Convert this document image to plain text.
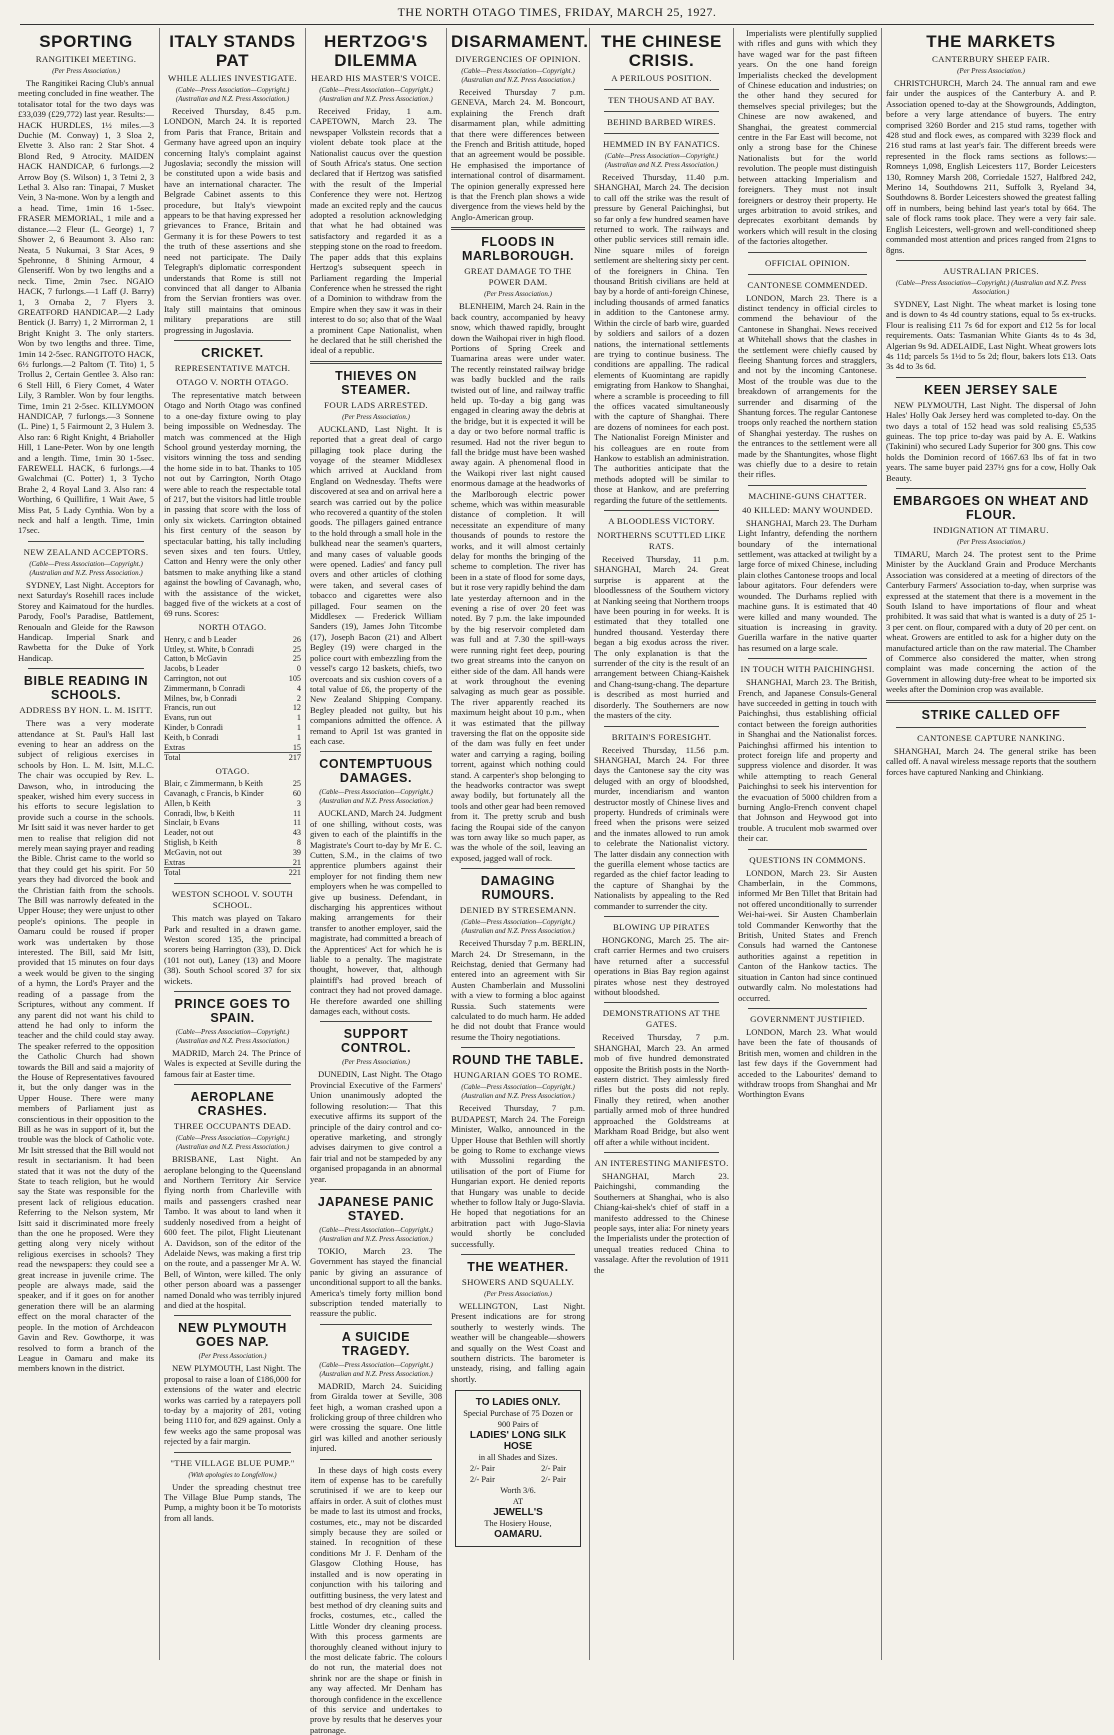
THE NORTH OTAGO TIMES, FRIDAY, MARCH 25, 1927.
SPORTING
RANGITIKEI MEETING.
(Per Press Association.)

The Rangitikei Racing Club's annual meeting concluded in fine weather. The totalisator total for the two days was £33,039 (£29,772) last year. Results:— HACK HURDLES, 1½ miles.—3 Duchie (M. Conway) 1, 3 Sloa 2, Elvette 3. Also ran: 2 Star Shot. 4 Blond Red, 9 Atrocity. MAIDEN HACK HANDICAP, 6 furlongs.—2 Arrow Boy (S. Wilson) 1, 3 Tetni 2, 3 Lethal 3. Also ran: Tinapai, 7 Musket Vein, 3 Na-mone. Won by a length and a head. Time, 1min 16 1-5sec. FRASER MEMORIAL, 1 mile and a distance.—2 Fleur (L. George) 1, 7 Shower 2, 6 Beaumont 3. Also ran: Neata, 5 Nukumai, 3 Star Aces, 9 Spehronne, 8 Shining Armour, 4 Glenseriff. Won by two lengths and a neck. Time, 2min 7sec. NGAIO HACK, 7 furlongs.—1 Laff (J. Barry) 1, 3 Ornaba 2, 7 Flyers 3. GREATFORD HANDICAP.—2 Lady Bentick (J. Barry) 1, 2 Mirrorman 2, 1 Bright Knight 3. The only starters. Won by two lengths and three. Time, 1min 14 2-5sec. RANGITOTO HACK, 6½ furlongs.—2 Paltom (T. Tito) 1, 5 Trollus 2, Certain Gentlee 3. Also ran: 6 Stell Hill, 6 Fiery Comet, 4 Water Lily, 3 Rambler. Won by four lengths. Time, 1min 21 2-5sec. KILLYMOON HANDICAP, 7 furlongs.—3 Sonnene (L. Pine) 1, 5 Fairmount 2, 3 Hulem 3. Also ran: 6 Right Knight, 4 Briaholler Hill, 1 Lane-Peter. Won by one length and a length. Time, 1min 30 1-5sec. FAREWELL HACK, 6 furlongs.—4 Gwalchmai (C. Potter) 1, 3 Tycho Brahe 2, 4 Royal Land 3. Also ran: 4 Worthing, 6 Quillifire, 1 Wait Awe, 5 Miss Pat, 5 Lady Cynthia. Won by a neck and half a length. Time, 1min 17sec.

NEW ZEALAND ACCEPTORS.
(Cable—Press Association—Copyright.) (Australian and N.Z. Press Association.)

SYDNEY, Last Night. Acceptors for next Saturday's Rosehill races include Storey and Kaimatoud for the hurdles. Parody, Fool's Paradise, Battlement, Renoualn and Gleide for the Rawson Handicap. Imperial Snark and Rawbetta for the Duke of York Handicap.

BIBLE READING IN SCHOOLS.
ADDRESS BY HON. L. M. ISITT.

There was a very moderate attendance at St. Paul's Hall last evening to hear an address on the subject of religious exercises in schools by Hon. L. M. Isitt, M.L.C. The chair was occupied by Rev. L. Dawson, who, in introducing the speaker, wished him every success in his efforts to secure legislation to provide such a course in the schools. Mr Isitt said it was never harder to get men to realise that religion did not merely mean saying prayer and reading the Bible. Christ came to the world so that they could get his spirit. For 50 years they had divorced the book and the Christian faith from the schools. The Bill was narrowly defeated in the Upper House; they were unjust to other people's opinions. The people in Oamaru could be roused if proper work was undertaken by those interested. The Bill, said Mr Isitt, provided that 15 minutes on four days a week would be given to the singing of a hymn, the Lord's Prayer and the reading of a passage from the Scriptures, without any comment. If any parent did not want his child to attend he had only to inform the teacher and the child could stay away. The speaker referred to the opposition the Catholic Church had shown towards the Bill and said a majority of the House of Representatives favoured it, but the only danger was in the Upper House. There were many members of Parliament just as conscientious in their opposition to the Bill as he was in support of it, but the trouble was the block of Catholic vote. Mr Isitt stressed that the Bill would not result in sectarianism. It had been stated that it was not the duty of the State to teach religion, but he would say the State was responsible for the present lack of religious education. Referring to the Nelson system, Mr Isitt said it discriminated more freely than the one he proposed. Were they getting along very nicely without religious exercises in schools? They read the newspapers: they could see a great increase in juvenile crime. The people are always made, said the speaker, and if it goes on for another generation there will be an alarming effect on the moral character of the people. In the motion of Archdeacon Gavin and Rev. Gowthorpe, it was resolved to form a branch of the League in Oamaru and make its members known in the district.

ITALY STANDS PAT
WHILE ALLIES INVESTIGATE.
(Cable—Press Association—Copyright.) (Australian and N.Z. Press Association.)

Received Thursday, 8.45 p.m. LONDON, March 24. It is reported from Paris that France, Britain and Germany have agreed upon an inquiry concerning Italy's complaint against Jugoslavia; secondly the mission will be constituted upon a wide basis and have an international character. The Belgrade Cabinet assents to this procedure, but Italy's viewpoint appears to be that having expressed her grievances to France, Britain and Germany it is for these Powers to test the truth of these assertions and she need not participate. The Daily Telegraph's diplomatic correspondent understands that Rome is still not convinced that all danger to Albania from the Servian frontiers was over. Italy still maintains that ominous military preparations are still progressing in Jugoslavia.

CRICKET.
REPRESENTATIVE MATCH.
OTAGO V. NORTH OTAGO.

The representative match between Otago and North Otago was confined to a one-day fixture owing to play being impossible on Wednesday. The match was commenced at the High School ground yesterday morning, the visitors winning the toss and sending the home side in to bat. Thanks to 105 not out by Carrington, North Otago were able to reach the respectable total of 217, but the visitors had little trouble in passing that score with the loss of only six wickets. Carrington obtained his first century of the season by spectacular batting, his tally including seven sixes and ten fours. Uttley, Catton and Henry were the only other batsmen to make anything like a stand against the bowling of Cavanagh, who, with the assistance of the wicket, bagged five of the wickets at a cost of 69 runs. Scores:

NORTH OTAGO.
Henry, c and b Leader	26
Uttley, st. White, b Conradi	25
Catton, b McGavin	25
Jacobs, b Leader	0
Carrington, not out	105
Zimmermann, b Conradi	4
Milnes, bw, b Conradi	2
Francis, run out	12
Evans, run out	1
Kinder, b Conradi	1
Keith, b Conradi	1
Extras	15
Total	217
OTAGO.
Blair, c Zimmermann, b Keith	25
Cavanagh, c Francis, b Kinder	60
Allen, b Keith	3
Conradi, lbw, b Keith	11
Sinclair, b Evans	11
Leader, not out	43
Stiglish, b Keith	8
McGavin, not out	39
Extras	21
Total	221
WESTON SCHOOL V. SOUTH SCHOOL.

This match was played on Takaro Park and resulted in a drawn game. Weston scored 135, the principal scorers being Harrington (33), D. Dick (101 not out), Laney (13) and Moore (38). South School scored 37 for six wickets.

PRINCE GOES TO SPAIN.
(Cable—Press Association—Copyright.) (Australian and N.Z. Press Association.)

MADRID, March 24. The Prince of Wales is expected at Seville during the famous fair at Easter time.

AEROPLANE CRASHES.
THREE OCCUPANTS DEAD.
(Cable—Press Association—Copyright.) (Australian and N.Z. Press Association.)

BRISBANE, Last Night. An aeroplane belonging to the Queensland and Northern Territory Air Service flying north from Charleville with mails and passengers crashed near Tambo. It was about to land when it suddenly nosedived from a height of 600 feet. The pilot, Flight Lieutenant A. Davidson, son of the editor of the Adelaide News, was making a first trip on the route, and a passenger Mr A. W. Bell, of Winton, were killed. The only other person aboard was a passenger named Donald who was terribly injured and died at the hospital.

NEW PLYMOUTH GOES NAP.
(Per Press Association.)

NEW PLYMOUTH, Last Night. The proposal to raise a loan of £186,000 for extensions of the water and electric works was carried by a ratepayers poll to-day by a majority of 281, voting being 1110 for, and 829 against. Only a few weeks ago the same proposal was rejected by a fair margin.

"THE VILLAGE BLUE PUMP."
(With apologies to Longfellow.)

Under the spreading chestnut tree The Village Blue Pump stands, The Pump, a mighty boon it be To motorists from all lands.

HERTZOG'S DILEMMA
HEARD HIS MASTER'S VOICE.
(Cable—Press Association—Copyright.) (Australian and N.Z. Press Association.)

Received Friday, 1 a.m. CAPETOWN, March 23. The newspaper Volkstein records that a violent debate took place at the Nationalist caucus over the question of South Africa's status. One section declared that if Hertzog was satisfied with the result of the Imperial Conference they were not. Hertzog made an excited reply and the caucus adopted a resolution acknowledging that what he had obtained was satisfactory and regarded it as a stepping stone on the road to freedom. The paper adds that this explains Hertzog's subsequent speech in Parliament regarding the Imperial Conference when he stressed the right of a Dominion to withdraw from the Empire when they saw it was in their interest to do so; also that of the Waal a prominent Cape Nationalist, when he declared that he still cherished the ideal of a republic.

THIEVES ON STEAMER.
FOUR LADS ARRESTED.
(Per Press Association.)

AUCKLAND, Last Night. It is reported that a great deal of cargo pillaging took place during the voyage of the steamer Middlesex which arrived at Auckland from England on Wednesday. Thefts were discovered at sea and on arrival here a search was carried out by the police who recovered a quantity of the stolen goods. The pillagers gained entrance to the hold through a small hole in the bulkhead near the seamen's quarters, and many cases of valuable goods were opened. Ladies' and fancy pull overs and other articles of clothing were taken, and several cases of tobacco and cigarettes were also pillaged. Four seamen on the Middlesex — Frederick William Sanders (19), James John Titcombe (17), Joseph Bacon (21) and Albert Begley (19) were charged in the police court with embezzling from the vessel's cargo 12 baskets, chiefs, two overcoats and six cushion covers of a total value of £6, the property of the New Zealand Shipping Company. Begley pleaded not guilty, but his companions admitted the offence. A remand to April 1st was granted in each case.

CONTEMPTUOUS DAMAGES.
(Cable—Press Association—Copyright.) (Australian and N.Z. Press Association.)

AUCKLAND, March 24. Judgment of one shilling, without costs, was given to each of the plaintiffs in the Magistrate's Court to-day by Mr E. C. Cutten, S.M., in the claims of two apprentice plumbers against their employer for not finding them new employers when he was compelled to give up business. Defendant, in discharging his apprentices without making arrangements for their transfer to another employer, said the magistrate, had committed a breach of the Apprentices' Act for which he is liable to a penalty. The magistrate thought, however, that, although plaintiff's had proved breach of contract they had not proved damage. He therefore awarded one shilling damages each, without costs.

SUPPORT CONTROL.
(Per Press Association.)

DUNEDIN, Last Night. The Otago Provincial Executive of the Farmers' Union unanimously adopted the following resolution:— That this executive affirms its support of the principle of the dairy control and co-operative marketing, and strongly advises dairymen to give control a fair trial and not be stampeded by any organised propaganda in an abnormal year.

JAPANESE PANIC STAYED.
(Cable—Press Association—Copyright.) (Australian and N.Z. Press Association.)

TOKIO, March 23. The Government has stayed the financial panic by giving an assurance of unconditional support to all the banks. America's timely forty million bond subscription tended materially to reassure the public.

A SUICIDE TRAGEDY.
(Cable—Press Association—Copyright.) (Australian and N.Z. Press Association.)

MADRID, March 24. Suiciding from Giralda tower at Seville, 308 feet high, a woman crashed upon a frolicking group of three children who were crossing the square. One little girl was killed and another seriously injured.

In these days of high costs every item of expense has to be carefully scrutinised if we are to keep our affairs in order. A suit of clothes must be made to last its utmost and frocks, costumes, etc., may not be discarded simply because they are soiled or stained. In recognition of these conditions Mr J. F. Denham of the Glasgow Clothing House, has installed and is now operating in conjunction with his tailoring and outfitting business, the very latest and best method of dry cleaning suits and frocks, costumes, etc., called the Little Wonder dry cleaning process. With this process garments are thoroughly cleaned without injury to the most delicate fabric. The colours do not run, the material does not shrink nor are the shape or finish in any way affected. Mr Denham has thorough confidence in the excellence of this service and undertakes to prove by results that he deserves your patronage.

DISARMAMENT.
DIVERGENCIES OF OPINION.
(Cable—Press Association—Copyright.) (Australian and N.Z. Press Association.)

Received Thursday 7 p.m. GENEVA, March 24. M. Boncourt, explaining the French draft disarmament plan, while admitting that there were differences between the French and British attitude, hoped that an agreement would be possible. He emphasised the importance of international control of disarmament. The opinion generally expressed here is that the French plan shows a wide divergence from the views held by the Anglo-American group.

FLOODS IN MARLBOROUGH.
GREAT DAMAGE TO THE POWER DAM.
(Per Press Association.)

BLENHEIM, March 24. Rain in the back country, accompanied by heavy snow, which thawed rapidly, brought down the Waihopai river in high flood. Portions of Spring Creek and Tuamarina areas were under water. The recently reinstated railway bridge was badly buckled and the rails twisted out of line, and railway traffic held up. To-day a big gang was engaged in clearing away the debris at the bridge, but it is expected it will be a day or two before normal traffic is resumed. Had not the river begun to fall the bridge must have been washed away again. A phenomenal flood in the Waikopi river last night caused enormous damage at the headworks of the Marlborough electric power scheme, which was within measurable distance of completion. It will necessitate an expenditure of many thousands of pounds to restore the works, and it will almost certainly delay for months the bringing of the scheme to completion. The river has been in a state of flood for some days, but it rose very rapidly behind the dam late yesterday afternoon and in the evening a rise of over 20 feet was noted. By 7 p.m. the lake impounded by the big reservoir completed dam was full and at 7.30 the spill-ways were running right feet deep, pouring two great streams into the canyon on either side of the dam. All hands were at work throughout the evening salvaging as much gear as possible. The river apparently reached its maximum height about 10 p.m., when it was estimated that the pillway traversing the flat on the opposite side of the dam was fully en feet under water and carrying a raging, boiling torrent, against which nothing could stand. A carpenter's shop belonging to the headworks contractor was swept away bodily, but fortunately all the tools and other gear had been removed from it. The pretty scrub and bush facing the Roupai side of the canyon was torn away like so much paper, as was the whole of the soil, leaving an exposed, jagged wall of rock.

DAMAGING RUMOURS.
DENIED BY STRESEMANN.
(Cable—Press Association—Copyright.) (Australian and N.Z. Press Association.)

Received Thursday 7 p.m. BERLIN, March 24. Dr Stresemann, in the Reichstag, denied that Germany had entered into an agreement with Sir Austen Chamberlain and Mussolini with a view to forming a bloc against Russia. Such statements were calculated to do much harm. He added he did not doubt that France would resume the Thoiry negotiations.

ROUND THE TABLE.
HUNGARIAN GOES TO ROME.
(Cable—Press Association—Copyright.) (Australian and N.Z. Press Association.)

Received Thursday, 7 p.m. BUDAPEST, March 24. The Foreign Minister, Walko, announced in the Upper House that Bethlen will shortly be going to Rome to exchange views with Mussolini regarding the utilisation of the port of Fiume for Hungarian export. He denied reports that Hungary was unable to decide whether to follow Italy or Jugo-Slavia. He hoped that negotiations for an arbitration pact with Jugo-Slavia would shortly be concluded successfully.

THE WEATHER.
SHOWERS AND SQUALLY.
(Per Press Association.)

WELLINGTON, Last Night. Present indications are for strong southerly to westerly winds. The weather will be changeable—showers and squally on the West Coast and southern districts. The barometer is unsteady, rising, and falling again shortly.

TO LADIES ONLY.
Special Purchase of 75 Dozen or 900 Pairs of
LADIES' LONG SILK HOSE
in all Shades and Sizes.
2/- Pair	2/- Pair
2/- Pair	2/- Pair
Worth 3/6.
AT
JEWELL'S
The Hosiery House,
OAMARU.
THE CHINESE CRISIS.
A PERILOUS POSITION.
TEN THOUSAND AT BAY.
BEHIND BARBED WIRES.
HEMMED IN BY FANATICS.
(Cable—Press Association—Copyright.) (Australian and N.Z. Press Association.)

Received Thursday, 11.40 p.m. SHANGHAI, March 24. The decision to call off the strike was the result of pressure by General Paichinghsi, but so far only a few hundred seamen have returned to work. The railways and other public services still remain idle. Nine square miles of foreign settlement are sheltering sixty per cent. of the foreigners in China. Ten thousand British civilians are held at bay by a horde of anti-foreign Chinese, including thousands of armed fanatics in addition to the Cantonese army. Within the circle of barb wire, guarded by soldiers and sailors of a dozen nations, the international settlements are trying to continue business. The conditions are appalling. The radical elements of Kuomintang are rapidly emigrating from Hankow to Shanghai, where a scramble is proceeding to fill the offices vacated simultaneously with the capture of Shanghai. There are dozens of nominees for each post. The Nationalist Foreign Minister and his colleagues are en route from Hankow to establish an administration. The authorities anticipate that the methods adopted will be similar to those at Hankow, and are preferring regarding the future of the settlements.

A BLOODLESS VICTORY.
NORTHERNS SCUTTLED LIKE RATS.

Received Thursday, 11 p.m. SHANGHAI, March 24. Great surprise is apparent at the bloodlessness of the Southern victory at Nanking seeing that Northern troops have been pouring in for weeks. It is estimated that they totalled one hundred thousand. Yesterday there began a big exodus across the river. The only explanation is that the surrender of the city is the result of an arrangement between Chiang-Kaishek and Chang-tsung-chang. The departure is described as most hurried and disorderly. The Southerners are now the masters of the city.

BRITAIN'S FORESIGHT.

Received Thursday, 11.56 p.m. SHANGHAI, March 24. For three days the Cantonese say the city was deluged with an orgy of bloodshed, murder, incendiarism and wanton destructor mostly of Chinese lives and property. Hundreds of criminals were freed when the prisons were seized and the inmates allowed to run amok to celebrate the Nationalist victory. The latter disdain any connection with the guerilla element whose tactics are regarded as the chief factor leading to the capture of Shanghai by the Nationalists by appealing to the Red commander to surrender the city.

BLOWING UP PIRATES

HONGKONG, March 25. The air-craft carrier Hermes and two cruisers have returned after a successful operations in Bias Bay region against pirates whose nest they destroyed without bloodshed.

DEMONSTRATIONS AT THE GATES.

Received Thursday, 7 p.m. SHANGHAI, March 23. An armed mob of five hundred demonstrated opposite the British posts in the North-eastern district. They aimlessly fired rifles but the posts did not reply. Finally they retired, when another partially armed mob of three hundred approached the Goldstreams at Markham Road Bridge, but also went off after a while without incident.

AN INTERESTING MANIFESTO.

SHANGHAI, March 23. Paichingshi, commanding the Southerners at Shanghai, who is also Chiang-kai-shek's chief of staff in a manifesto addressed to the Chinese people says, inter alia: For ninety years the Imperialists under the protection of unequal treaties reduced China to vassalage. After the revolution of 1911 the

Imperialists were plentifully supplied with rifles and guns with which they have waged war for the past fifteen years. On the one hand foreign Imperialists checked the development of Chinese education and industries; on the other hand they secured for themselves special privileges; but the Chinese are now awakened, and Shanghai, the greatest commercial centre in the Far East will become, not only a strong base for the Chinese Nationalists but for the world revolution. The people must distinguish between attacking Imperialism and foreigners. They must not insult foreigners or destroy their property. He urges arbitration to avoid strikes, and deprecates exorbitant demands by workers which will result in the closing of the factories altogether.

OFFICIAL OPINION.
CANTONESE COMMENDED.

LONDON, March 23. There is a distinct tendency in official circles to commend the behaviour of the Cantonese in Shanghai. News received at Whitehall shows that the clashes in the settlement were chiefly caused by fleeing Shantung forces and stragglers, and not by the incoming Cantonese. Most of the trouble was due to the breakdown of arrangements for the surrender and disarming of the Shantung forces. The regular Cantonese troops only reached the northern station of Shanghai yesterday. The rushes on the entrances to the settlement were all made by the Shantungites, whose flight was chiefly due to a desire to retain their rifles.

MACHINE-GUNS CHATTER.
40 KILLED: MANY WOUNDED.

SHANGHAI, March 23. The Durham Light Infantry, defending the northern boundary of the international settlement, was attacked at twilight by a large force of mixed Chinese, including plain clothes Cantonese troops and local labour agitators. Four defenders were wounded. The Durhams replied with machine guns. It is estimated that 40 were killed and many wounded. The situation is increasing in gravity. Guerilla warfare in the native quarter has resumed on a large scale.

IN TOUCH WITH PAICHINGHSI.

SHANGHAI, March 23. The British, French, and Japanese Consuls-General have succeeded in getting in touch with Paichinghsi, thus establishing official contact between the foreign authorities in Shanghai and the Nationalist forces. Paichinghsi affirmed his intention to protect foreign life and property and suppress violence and disorder. It was while attempting to reach General Paichinghsi to seek his intervention for the evacuation of 5000 children from a burning Anglo-French convent chapel that Johnson and Heywood got into trouble. A truculent mob swarmed over their car.

QUESTIONS IN COMMONS.

LONDON, March 23. Sir Austen Chamberlain, in the Commons, informed Mr Ben Tillet that Britain had not offered unconditionally to surrender Wei-hai-wei. Sir Austen Chamberlain told Commander Kenworthy that the British, United States and French Consuls had warned the Cantonese authorities against a repetition in Canton of the Hankow tactics. The situation in Canton had since continued outwardly calm. No molestations had occurred.

GOVERNMENT JUSTIFIED.

LONDON, March 23. What would have been the fate of thousands of British men, women and children in the last few days if the Government had acceded to the Labourites' demand to withdraw troops from Shanghai and Mr Worthington Evans

THE MARKETS
CANTERBURY SHEEP FAIR.
(Per Press Association.)

CHRISTCHURCH, March 24. The annual ram and ewe fair under the auspices of the Canterbury A. and P. Association opened to-day at the Showgrounds, Addington, before a very large attendance of buyers. The entry comprised 3260 Border and 215 stud rams, together with 428 stud and flock ewes, as compared with 3239 flock and 216 stud rams at last year's fair. The different breeds were represented in the flock rams sections as follows:— Romneys 1,098, English Leicesters 117, Border Leicesters 130, Romney Marsh 208, Corriedale 1527, Halfbred 242, Merino 14, Southdowns 211, Suffolk 3, Ryeland 34, Southdowns 8. Border Leicesters showed the greatest falling off in numbers, being behind last year's total by 664. The sale of flock rams took place. They were a very fair sale. English Leicesters, well-grown and well-conditioned sheep commanded most attention and prices ranged from 21gns to 8gns.

AUSTRALIAN PRICES.
(Cable—Press Association—Copyright.) (Australian and N.Z. Press Association.)

SYDNEY, Last Night. The wheat market is losing tone and is down to 4s 4d country stations, equal to 5s ex-trucks. Flour is realising £11 7s 6d for export and £12 5s for local requirements. Oats: Tasmanian White Giants 4s to 4s 3d, Algerian 9s 9d. ADELAIDE, Last Night. Wheat growers lots 4s 11d; parcels 5s 1½d to 5s 2d; flour, bakers lots £13. Oats 3s 4d to 3s 6d.

KEEN JERSEY SALE

NEW PLYMOUTH, Last Night. The dispersal of John Hales' Holly Oak Jersey herd was completed to-day. On the two days a total of 152 head was sold realising £5,535 guineas. The top price to-day was paid by A. E. Watkins (Takinini) who secured Lady Superior for 300 gns. This cow holds the Dominion record of 1667.63 lbs of fat in two years. The same buyer paid 237½ gns for a cow, Holly Oak Beauty.

EMBARGOES ON WHEAT AND FLOUR.
INDIGNATION AT TIMARU.
(Per Press Association.)

TIMARU, March 24. The protest sent to the Prime Minister by the Auckland Grain and Produce Merchants Association was considered at a meeting of directors of the Canterbury Farmers' Association to-day, when surprise was expressed at the statement that there is a movement in the South Island to have importations of flour and wheat prohibited. It was said that what is wanted is a duty of 25 1-3 per cent. on flour, compared with a duty of 20 per cent. on wheat. Growers are entitled to ask for a higher duty on the manufactured article than on the raw material. The Chamber of Commerce also considered the matter, when strong complaint was made concerning the action of the Government in allowing duty-free wheat to be imported six weeks after the Dominion crop was available.

STRIKE CALLED OFF
CANTONESE CAPTURE NANKING.

SHANGHAI, March 24. The general strike has been called off. A naval wireless message reports that the southern forces have captured Nanking and Chinkiang.
